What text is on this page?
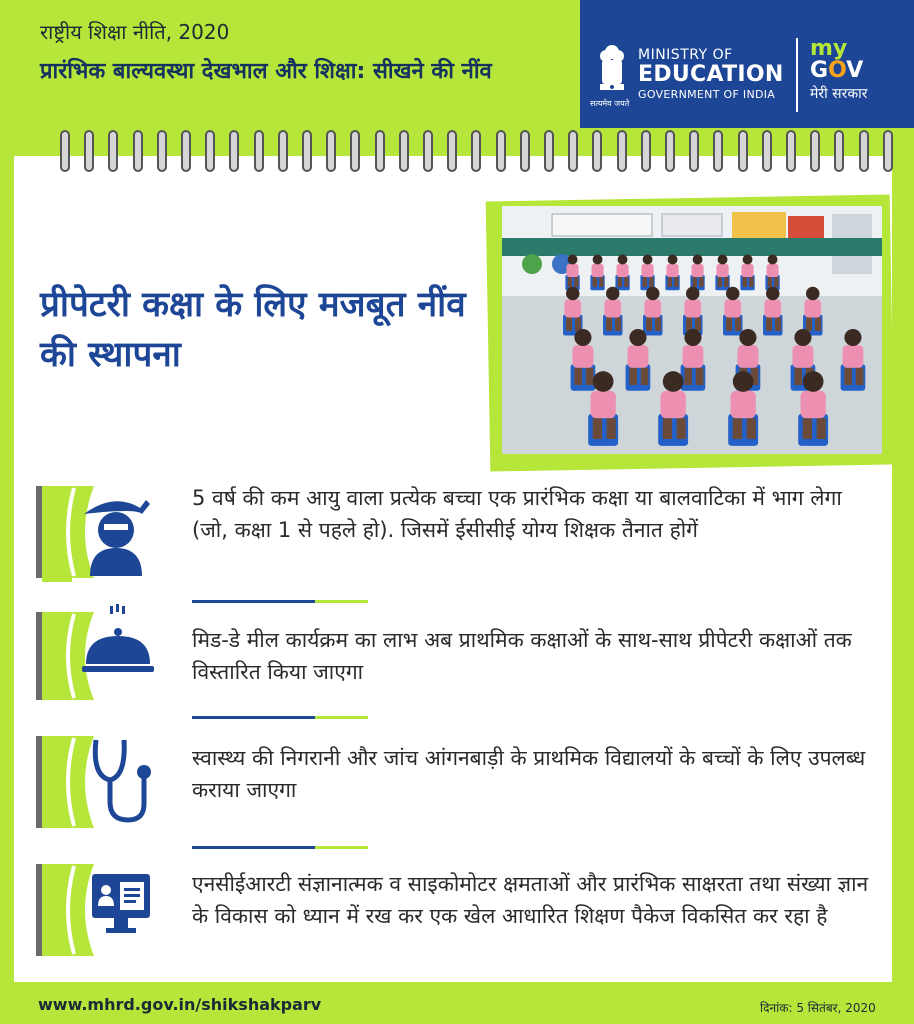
राष्ट्रीय शिक्षा नीति, 2020
प्रारंभिक बाल्यवस्था देखभाल और शिक्षा: सीखने की नींव
सत्यमेव जयते
MINISTRY OF
EDUCATION
GOVERNMENT OF INDIA
my
GOV
मेरी सरकार
प्रीपेटरी कक्षा के लिए मजबूत नींव की स्थापना
5 वर्ष की कम आयु वाला प्रत्येक बच्चा एक प्रारंभिक कक्षा या बालवाटिका में भाग लेगा (जो, कक्षा 1 से पहले हो). जिसमें ईसीसीई योग्य शिक्षक तैनात होगें
मिड-डे मील कार्यक्रम का लाभ अब प्राथमिक कक्षाओं के साथ-साथ प्रीपेटरी कक्षाओं तक विस्तारित किया जाएगा
स्वास्थ्य की निगरानी और जांच आंगनबाड़ी के प्राथमिक विद्यालयों के बच्चों के लिए उपलब्ध कराया जाएगा
एनसीईआरटी संज्ञानात्मक व साइकोमोटर क्षमताओं और प्रारंभिक साक्षरता तथा संख्या ज्ञान के विकास को ध्यान में रख कर एक खेल आधारित शिक्षण पैकेज विकसित कर रहा है
www.mhrd.gov.in/shikshakparv	दिनांक: 5 सितंबर, 2020
